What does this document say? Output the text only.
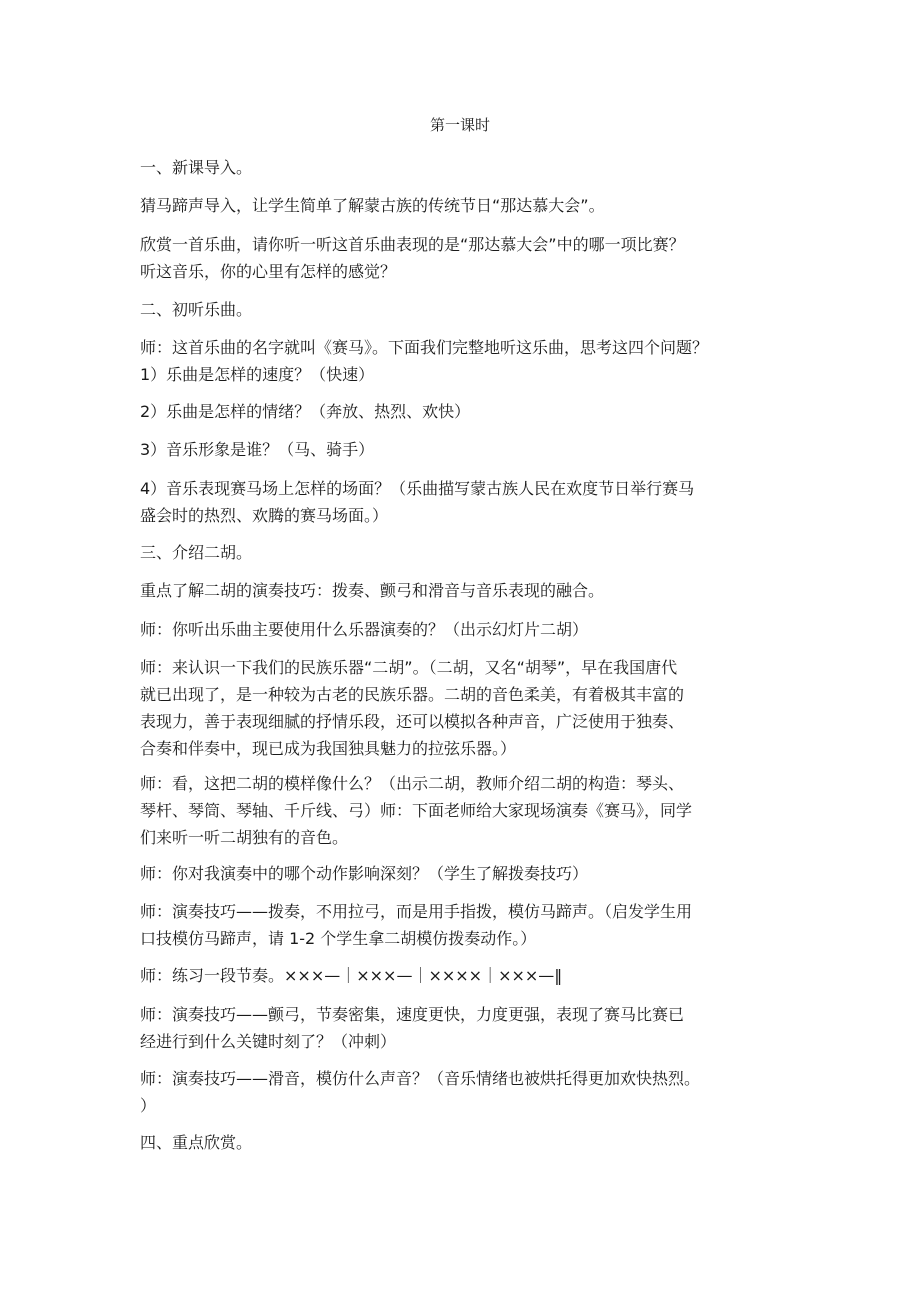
第一课时
一、新课导入。
猜马蹄声导入，让学生简单了解蒙古族的传统节日“那达慕大会”。
欣赏一首乐曲，请你听一听这首乐曲表现的是“那达慕大会”中的哪一项比赛？
听这音乐，你的心里有怎样的感觉？
二、初听乐曲。
师：这首乐曲的名字就叫《赛马》。下面我们完整地听这乐曲，思考这四个问题？
1）乐曲是怎样的速度？（快速）
2）乐曲是怎样的情绪？（奔放、热烈、欢快）
3）音乐形象是谁？（马、骑手）
4）音乐表现赛马场上怎样的场面？（乐曲描写蒙古族人民在欢度节日举行赛马
盛会时的热烈、欢腾的赛马场面。）
三、介绍二胡。
重点了解二胡的演奏技巧：拨奏、颤弓和滑音与音乐表现的融合。
师：你听出乐曲主要使用什么乐器演奏的？（出示幻灯片二胡）
师：来认识一下我们的民族乐器“二胡”。（二胡，又名“胡琴”，早在我国唐代
就已出现了，是一种较为古老的民族乐器。二胡的音色柔美，有着极其丰富的
表现力，善于表现细腻的抒情乐段，还可以模拟各种声音，广泛使用于独奏、
合奏和伴奏中，现已成为我国独具魅力的拉弦乐器。）
师：看，这把二胡的模样像什么？（出示二胡，教师介绍二胡的构造：琴头、
琴杆、琴筒、琴轴、千斤线、弓）师：下面老师给大家现场演奏《赛马》，同学
们来听一听二胡独有的音色。
师：你对我演奏中的哪个动作影响深刻？（学生了解拨奏技巧）
师：演奏技巧——拨奏，不用拉弓，而是用手指拨，模仿马蹄声。（启发学生用
口技模仿马蹄声，请 1-2 个学生拿二胡模仿拨奏动作。）
师：练习一段节奏。×××—｜×××—｜××××｜×××—‖
师：演奏技巧——颤弓，节奏密集，速度更快，力度更强，表现了赛马比赛已
经进行到什么关键时刻了？（冲刺）
师：演奏技巧——滑音，模仿什么声音？（音乐情绪也被烘托得更加欢快热烈。
）
四、重点欣赏。
